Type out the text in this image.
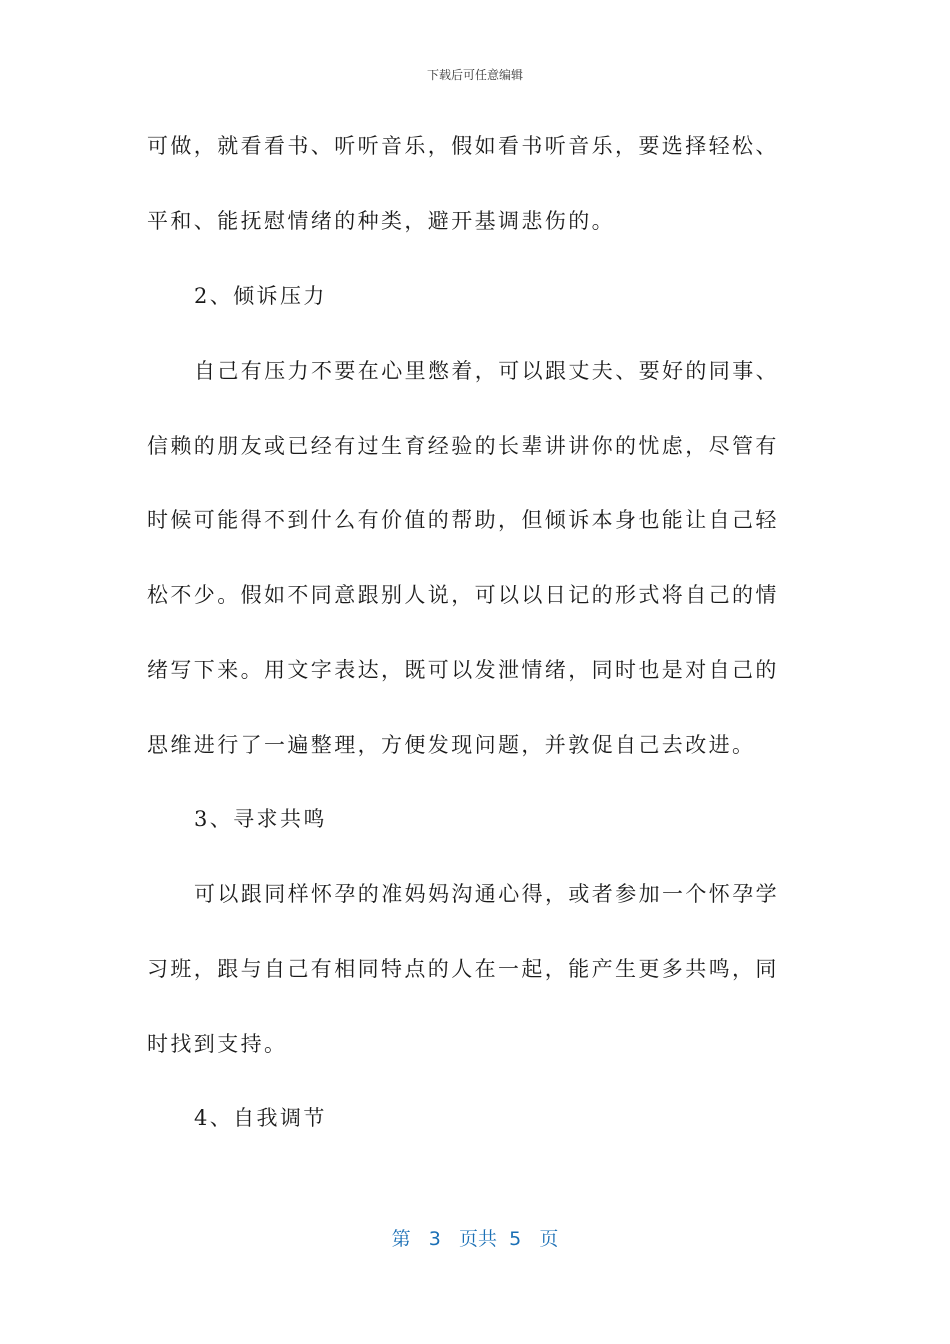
下载后可任意编辑
可做，就看看书、听听音乐，假如看书听音乐，要选择轻松、
平和、能抚慰情绪的种类，避开基调悲伤的。
2、倾诉压力
自己有压力不要在心里憋着，可以跟丈夫、要好的同事、
信赖的朋友或已经有过生育经验的长辈讲讲你的忧虑，尽管有
时候可能得不到什么有价值的帮助，但倾诉本身也能让自己轻
松不少。假如不同意跟别人说，可以以日记的形式将自己的情
绪写下来。用文字表达，既可以发泄情绪，同时也是对自己的
思维进行了一遍整理，方便发现问题，并敦促自己去改进。
3、寻求共鸣
可以跟同样怀孕的准妈妈沟通心得，或者参加一个怀孕学
习班，跟与自己有相同特点的人在一起，能产生更多共鸣，同
时找到支持。
4、自我调节
第 3 页共 5 页
